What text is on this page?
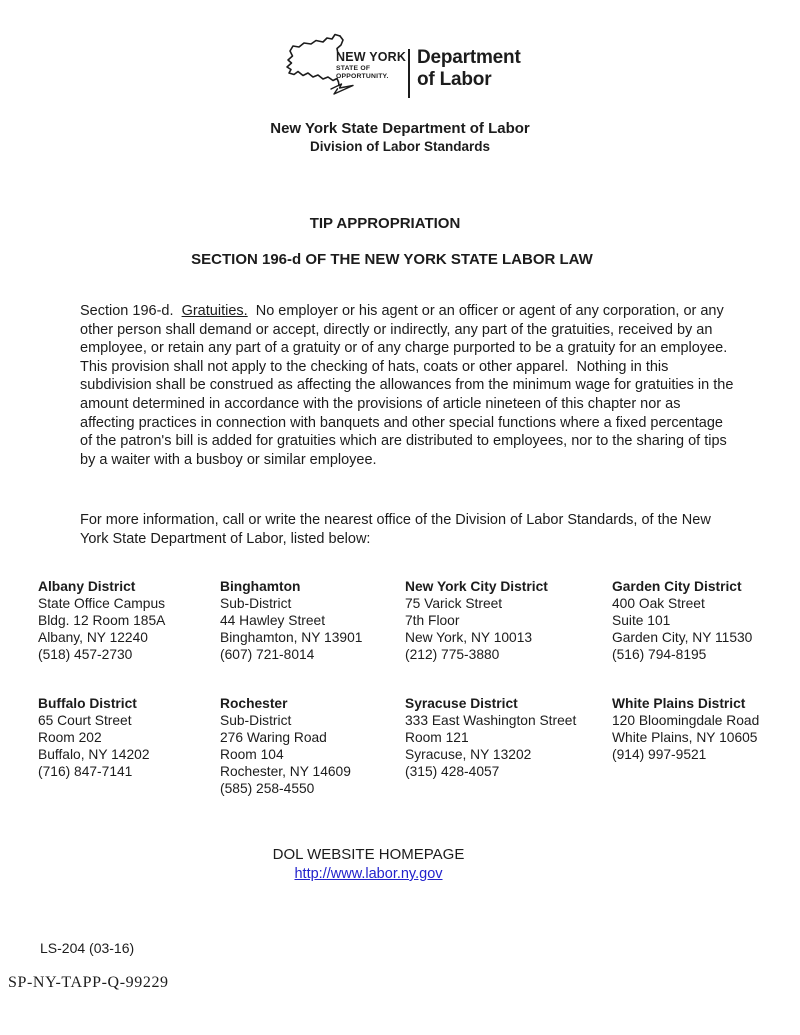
NEW YORK
STATE OF
OPPORTUNITY.
Department
of Labor
New York State Department of Labor
Division of Labor Standards
TIP APPROPRIATION
SECTION 196-d OF THE NEW YORK STATE LABOR LAW

Section 196-d.  Gratuities.  No employer or his agent or an officer or agent of any corporation, or any other person shall demand or accept, directly or indirectly, any part of the gratuities, received by an employee, or retain any part of a gratuity or of any charge purported to be a gratuity for an employee.  This provision shall not apply to the checking of hats, coats or other apparel.  Nothing in this subdivision shall be construed as affecting the allowances from the minimum wage for gratuities in the amount determined in accordance with the provisions of article nineteen of this chapter nor as affecting practices in connection with banquets and other special functions where a fixed percentage of the patron's bill is added for gratuities which are distributed to employees, nor to the sharing of tips by a waiter with a busboy or similar employee.

For more information, call or write the nearest office of the Division of Labor Standards, of the New York State Department of Labor, listed below:

Albany District
State Office Campus
Bldg. 12 Room 185A
Albany, NY 12240
(518) 457-2730
Binghamton
Sub-District
44 Hawley Street
Binghamton, NY 13901
(607) 721-8014
New York City District
75 Varick Street
7th Floor
New York, NY 10013
(212) 775-3880
Garden City District
400 Oak Street
Suite 101
Garden City, NY 11530
(516) 794-8195
Buffalo District
65 Court Street
Room 202
Buffalo, NY 14202
(716) 847-7141
Rochester
Sub-District
276 Waring Road
Room 104
Rochester, NY 14609
(585) 258-4550
Syracuse District
333 East Washington Street
Room 121
Syracuse, NY 13202
(315) 428-4057
White Plains District
120 Bloomingdale Road
White Plains, NY 10605
(914) 997-9521
DOL WEBSITE HOMEPAGE
http://www.labor.ny.gov
LS-204 (03-16)
SP-NY-TAPP-Q-99229
